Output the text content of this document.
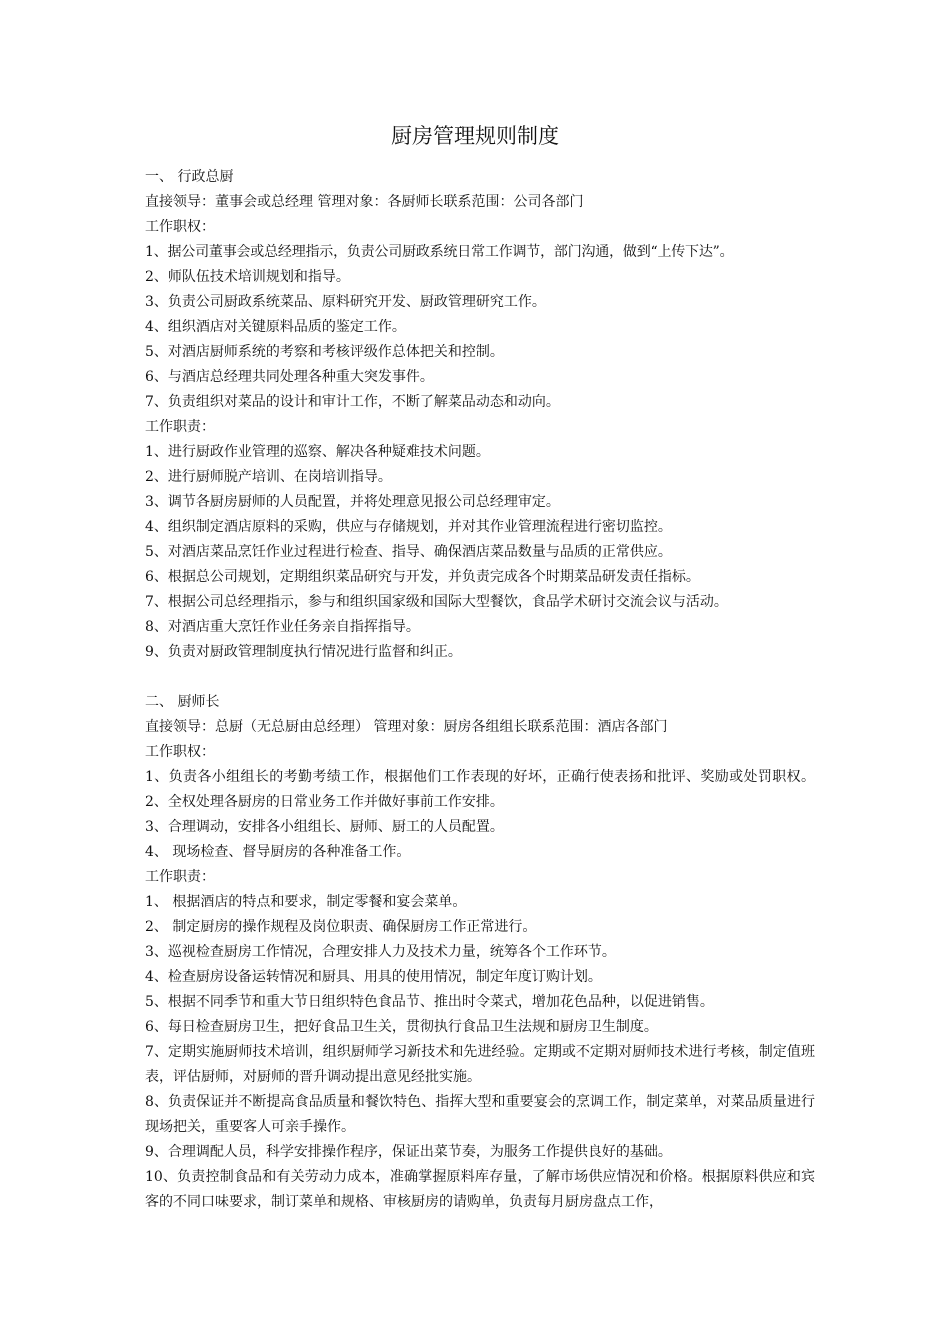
厨房管理规则制度
一、 行政总厨
直接领导：董事会或总经理 管理对象：各厨师长联系范围：公司各部门
工作职权：
1、据公司董事会或总经理指示，负责公司厨政系统日常工作调节，部门沟通，做到“上传下达”。
2、师队伍技术培训规划和指导。
3、负责公司厨政系统菜品、原料研究开发、厨政管理研究工作。
4、组织酒店对关键原料品质的鉴定工作。
5、对酒店厨师系统的考察和考核评级作总体把关和控制。
6、与酒店总经理共同处理各种重大突发事件。
7、负责组织对菜品的设计和审计工作，不断了解菜品动态和动向。
工作职责：
1、进行厨政作业管理的巡察、解决各种疑难技术问题。
2、进行厨师脱产培训、在岗培训指导。
3、调节各厨房厨师的人员配置，并将处理意见报公司总经理审定。
4、组织制定酒店原料的采购，供应与存储规划，并对其作业管理流程进行密切监控。
5、对酒店菜品烹饪作业过程进行检查、指导、确保酒店菜品数量与品质的正常供应。
6、根据总公司规划，定期组织菜品研究与开发，并负责完成各个时期菜品研发责任指标。
7、根据公司总经理指示，参与和组织国家级和国际大型餐饮，食品学术研讨交流会议与活动。
8、对酒店重大烹饪作业任务亲自指挥指导。
9、负责对厨政管理制度执行情况进行监督和纠正。
二、 厨师长
直接领导：总厨（无总厨由总经理） 管理对象：厨房各组组长联系范围：酒店各部门
工作职权：
1、负责各小组组长的考勤考绩工作，根据他们工作表现的好坏，正确行使表扬和批评、奖励或处罚职权。2、全权处理各厨房的日常业务工作并做好事前工作安排。
3、合理调动，安排各小组组长、厨师、厨工的人员配置。
4、 现场检查、督导厨房的各种准备工作。
工作职责：
1、 根据酒店的特点和要求，制定零餐和宴会菜单。
2、 制定厨房的操作规程及岗位职责、确保厨房工作正常进行。
3、巡视检查厨房工作情况，合理安排人力及技术力量，统筹各个工作环节。
4、检查厨房设备运转情况和厨具、用具的使用情况，制定年度订购计划。
5、根据不同季节和重大节日组织特色食品节、推出时令菜式，增加花色品种，以促进销售。
6、每日检查厨房卫生，把好食品卫生关，贯彻执行食品卫生法规和厨房卫生制度。
7、定期实施厨师技术培训，组织厨师学习新技术和先进经验。定期或不定期对厨师技术进行考核，制定值班表，评估厨师，对厨师的晋升调动提出意见经批实施。
8、负责保证并不断提高食品质量和餐饮特色、指挥大型和重要宴会的烹调工作，制定菜单，对菜品质量进行现场把关，重要客人可亲手操作。
9、合理调配人员，科学安排操作程序，保证出菜节奏，为服务工作提供良好的基础。
10、负责控制食品和有关劳动力成本，准确掌握原料库存量，了解市场供应情况和价格。根据原料供应和宾客的不同口味要求，制订菜单和规格、审核厨房的请购单，负责每月厨房盘点工作，
